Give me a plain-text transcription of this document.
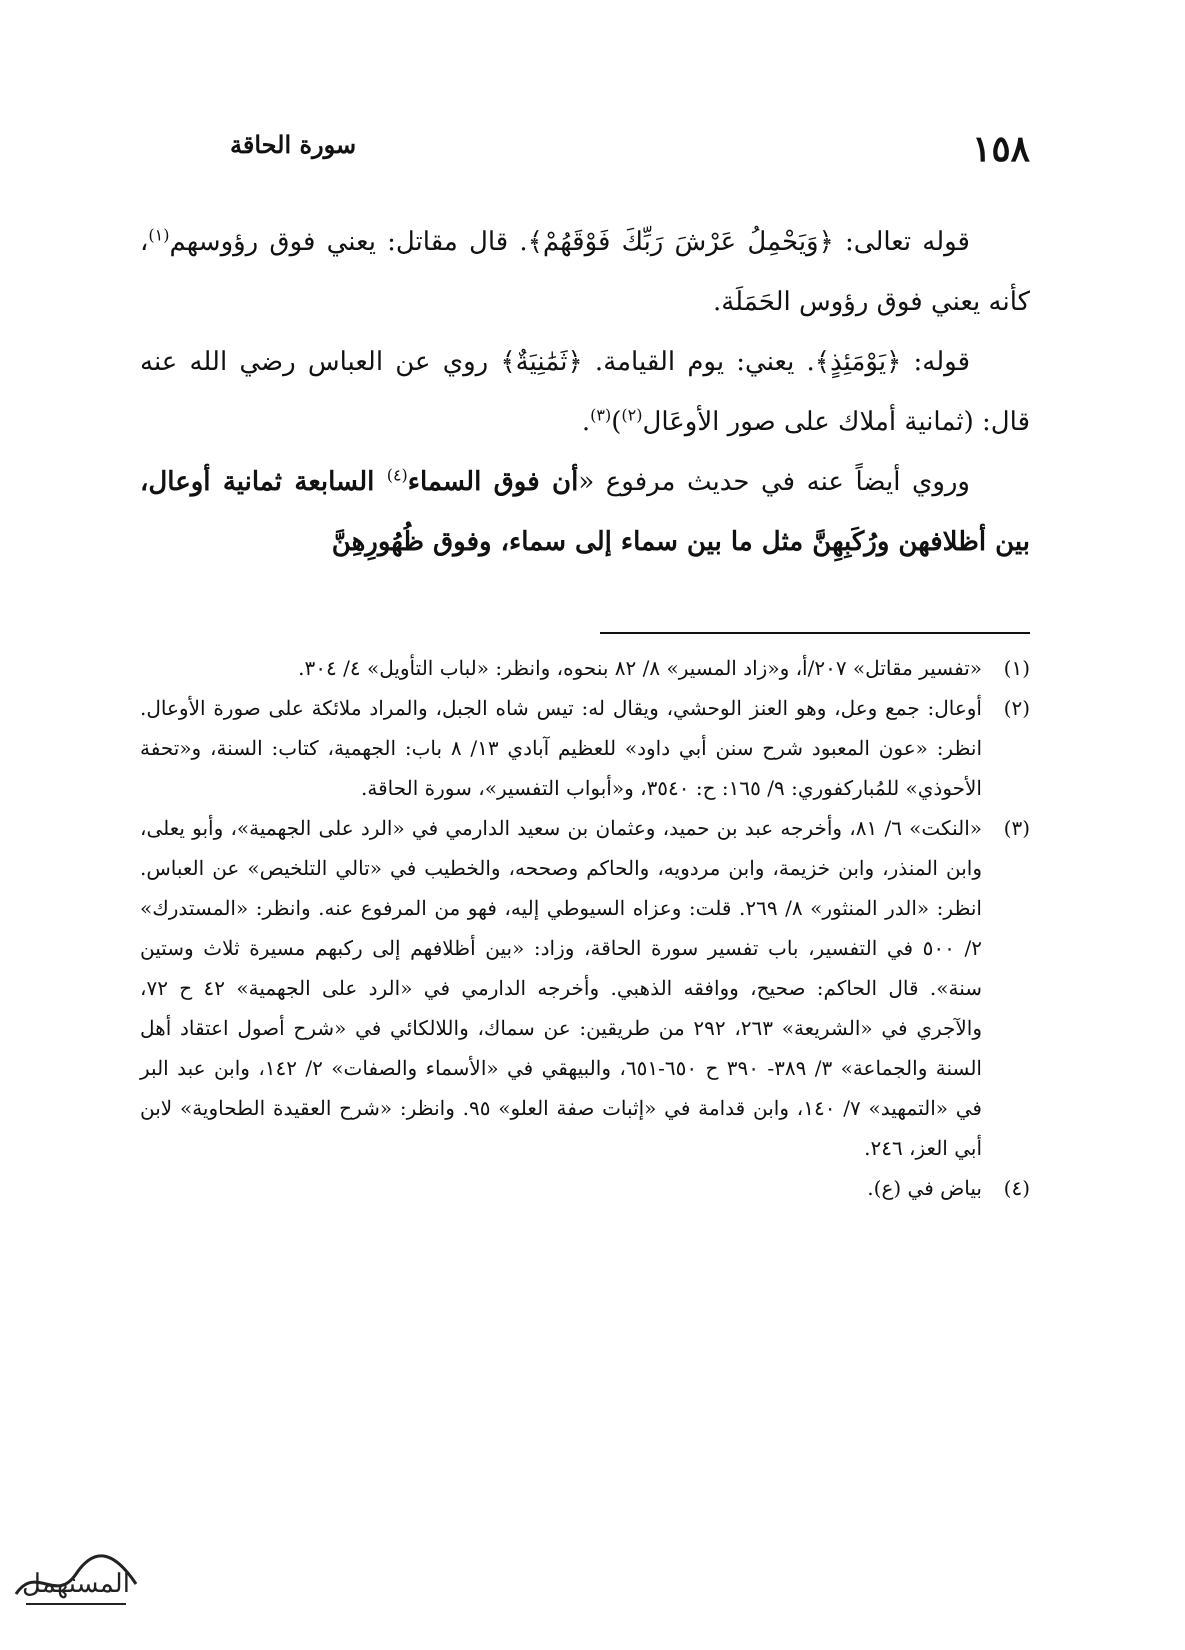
سورة الحاقة	١٥٨

قوله تعالى: ﴿وَيَحْمِلُ عَرْشَ رَبِّكَ فَوْقَهُمْ﴾. قال مقاتل: يعني فوق رؤوسهم$^{(١)}$، كأنه يعني فوق رؤوس الحَمَلَة.

قوله: ﴿يَوْمَئِذٍ﴾. يعني: يوم القيامة. ﴿ثَمَٰنِيَةٌ﴾ روي عن العباس رضي الله عنه قال: (ثمانية أملاك على صور الأوعَال$^{(٢)}$)$^{(٣)}$.

وروي أيضاً عنه في حديث مرفوع «أن فوق السماء$^{(٤)}$ السابعة ثمانية أوعال، بين أظلافهن ورُكَبِهِنَّ مثل ما بين سماء إلى سماء، وفوق ظُهُورِهِنَّ

(١)
«تفسير مقاتل» ٢٠٧/أ، و«زاد المسير» ٨/ ٨٢ بنحوه، وانظر: «لباب التأويل» ٤/ ٣٠٤.
(٢)
أوعال: جمع وعل، وهو العنز الوحشي، ويقال له: تيس شاه الجبل، والمراد ملائكة على صورة الأوعال. انظر: «عون المعبود شرح سنن أبي داود» للعظيم آبادي ١٣/ ٨ باب: الجهمية، كتاب: السنة، و«تحفة الأحوذي» للمُباركفوري: ٩/ ١٦٥: ح: ٣٥٤٠، و«أبواب التفسير»، سورة الحاقة.
(٣)
«النكت» ٦/ ٨١، وأخرجه عبد بن حميد، وعثمان بن سعيد الدارمي في «الرد على الجهمية»، وأبو يعلى، وابن المنذر، وابن خزيمة، وابن مردويه، والحاكم وصححه، والخطيب في «تالي التلخيص» عن العباس. انظر: «الدر المنثور» ٨/ ٢٦٩. قلت: وعزاه السيوطي إليه، فهو من المرفوع عنه. وانظر: «المستدرك» ٢/ ٥٠٠ في التفسير، باب تفسير سورة الحاقة، وزاد: «بين أظلافهم إلى ركبهم مسيرة ثلاث وستين سنة». قال الحاكم: صحيح، ووافقه الذهبي. وأخرجه الدارمي في «الرد على الجهمية» ٤٢ ح ٧٢، والآجري في «الشريعة» ٢٦٣، ٢٩٢ من طريقين: عن سماك، واللالكائي في «شرح أصول اعتقاد أهل السنة والجماعة» ٣/ ٣٨٩- ٣٩٠ ح ٦٥٠-٦٥١، والبيهقي في «الأسماء والصفات» ٢/ ١٤٢، وابن عبد البر في «التمهيد» ٧/ ١٤٠، وابن قدامة في «إثبات صفة العلو» ٩٥. وانظر: «شرح العقيدة الطحاوية» لابن أبي العز، ٢٤٦.
(٤)
بياض في (ع).
المستهمل
